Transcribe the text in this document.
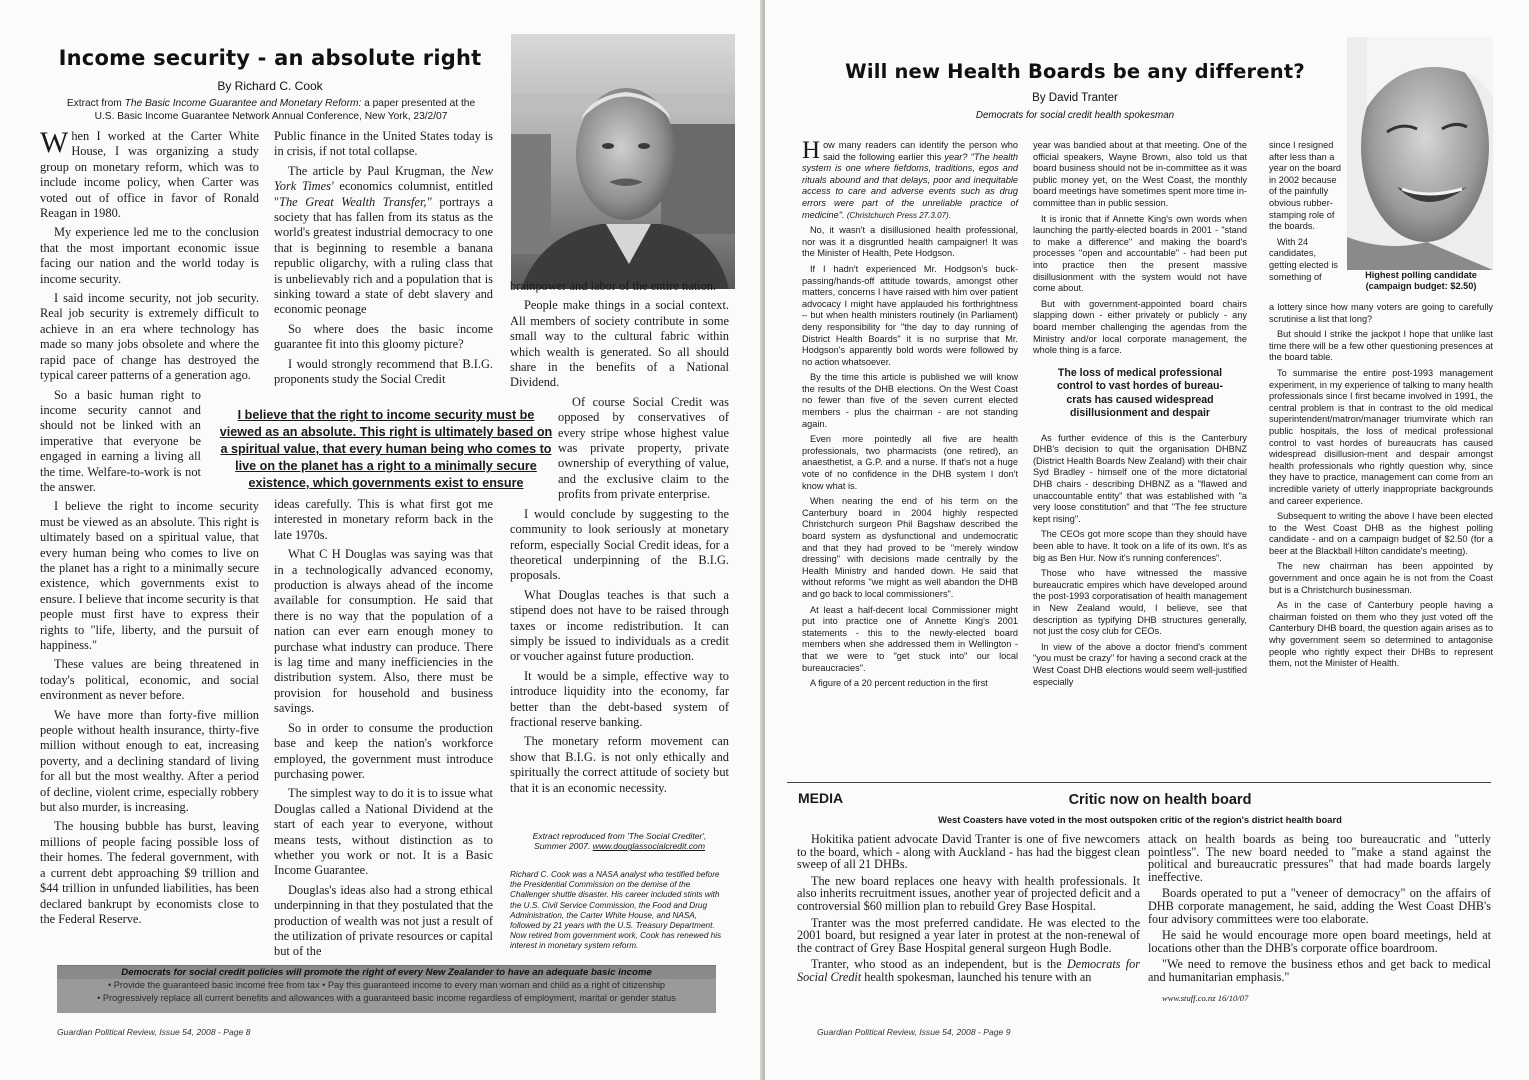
Income security - an absolute right
By Richard C. Cook
Extract from The Basic Income Guarantee and Monetary Reform: a paper presented at the U.S. Basic Income Guarantee Network Annual Conference, New York, 23/2/07

When I worked at the Carter White House, I was organizing a study group on monetary reform, which was to include income policy, when Carter was voted out of office in favor of Ronald Reagan in 1980.

My experience led me to the conclusion that the most important economic issue facing our nation and the world today is income security.

I said income security, not job security. Real job security is extremely difficult to achieve in an era where technology has made so many jobs obsolete and where the rapid pace of change has destroyed the typical career patterns of a generation ago.

So a basic human right to income security cannot and should not be linked with an imperative that everyone be engaged in earning a living all the time. Welfare-to-work is not the answer.

I believe the right to income security must be viewed as an absolute. This right is ultimately based on a spiritual value, that every human being who comes to live on the planet has a right to a minimally secure existence, which governments exist to ensure. I believe that income security is that people must first have to express their rights to "life, liberty, and the pursuit of happiness."

These values are being threatened in today's political, economic, and social environment as never before.

We have more than forty-five million people without health insurance, thirty-five million without enough to eat, increasing poverty, and a declining standard of living for all but the most wealthy. After a period of decline, violent crime, especially robbery but also murder, is increasing.

The housing bubble has burst, leaving millions of people facing possible loss of their homes. The federal government, with a current debt approaching $9 trillion and $44 trillion in unfunded liabilities, has been declared bankrupt by economists close to the Federal Reserve.

Public finance in the United States today is in crisis, if not total collapse.

The article by Paul Krugman, the New York Times' economics columnist, entitled "The Great Wealth Transfer," portrays a society that has fallen from its status as the world's greatest industrial democracy to one that is beginning to resemble a banana republic oligarchy, with a ruling class that is unbelievably rich and a population that is sinking toward a state of debt slavery and economic peonage

So where does the basic income guarantee fit into this gloomy picture?

I would strongly recommend that B.I.G. proponents study the Social Credit

I believe that the right to income security must be viewed as an absolute. This right is ultimately based on a spiritual value, that every human being who comes to live on the planet has a right to a minimally secure existence, which governments exist to ensure

ideas carefully. This is what first got me interested in monetary reform back in the late 1970s.

What C H Douglas was saying was that in a technologically advanced economy, production is always ahead of the income available for consumption. He said that there is no way that the population of a nation can ever earn enough money to purchase what industry can produce. There is lag time and many inefficiencies in the distribution system. Also, there must be provision for household and business savings.

So in order to consume the production base and keep the nation's workforce employed, the government must introduce purchasing power.

The simplest way to do it is to issue what Douglas called a National Dividend at the start of each year to everyone, without means tests, without distinction as to whether you work or not. It is a Basic Income Guarantee.

Douglas's ideas also had a strong ethical underpinning in that they postulated that the production of wealth was not just a result of the utilization of private resources or capital but of the

brainpower and labor of the entire nation.

People make things in a social context. All members of society contribute in some small way to the cultural fabric within which wealth is generated. So all should share in the benefits of a National Dividend.

Of course Social Credit was opposed by conservatives of every stripe whose highest value was private property, private ownership of everything of value, and the exclusive claim to the profits from private enterprise.

I would conclude by suggesting to the community to look seriously at monetary reform, especially Social Credit ideas, for a theoretical underpinning of the B.I.G. proposals.

What Douglas teaches is that such a stipend does not have to be raised through taxes or income redistribution. It can simply be issued to individuals as a credit or voucher against future production.

It would be a simple, effective way to introduce liquidity into the economy, far better than the debt-based system of fractional reserve banking.

The monetary reform movement can show that B.I.G. is not only ethically and spiritually the correct attitude of society but that it is an economic necessity.

Extract reproduced from 'The Social Crediter',
Summer 2007. www.douglassocialcredit.com
Richard C. Cook was a NASA analyst who testified before the Presidential Commission on the demise of the Challenger shuttle disaster. His career included stints with the U.S. Civil Service Commission, the Food and Drug Administration, the Carter White House, and NASA, followed by 21 years with the U.S. Treasury Department. Now retired from government work, Cook has renewed his interest in monetary system reform.
Democrats for social credit policies will promote the right of every New Zealander to have an adequate basic income
• Provide the guaranteed basic income free from tax • Pay this guaranteed income to every man woman and child as a right of citizenship
• Progressively replace all current benefits and allowances with a guaranteed basic income regardless of employment, marital or gender status
Guardian Political Review, Issue 54, 2008 - Page 8
Will new Health Boards be any different?
By David Tranter
Democrats for social credit health spokesman

How many readers can identify the person who said the following earlier this year? "The health system is one where fiefdoms, traditions, egos and rituals abound and that delays, poor and inequitable access to care and adverse events such as drug errors were part of the unreliable practice of medicine". (Christchurch Press 27.3.07).

No, it wasn't a disillusioned health professional, nor was it a disgruntled health campaigner! It was the Minister of Health, Pete Hodgson.

If I hadn't experienced Mr. Hodgson's buck-passing/hands-off attitude towards, amongst other matters, concerns I have raised with him over patient advocacy I might have applauded his forthrightness – but when health ministers routinely (in Parliament) deny responsibility for "the day to day running of District Health Boards" it is no surprise that Mr. Hodgson's apparently bold words were followed by no action whatsoever.

By the time this article is published we will know the results of the DHB elections. On the West Coast no fewer than five of the seven current elected members - plus the chairman - are not standing again.

Even more pointedly all five are health professionals, two pharmacists (one retired), an anaesthetist, a G.P. and a nurse. If that's not a huge vote of no confidence in the DHB system I don't know what is.

When nearing the end of his term on the Canterbury board in 2004 highly respected Christchurch surgeon Phil Bagshaw described the board system as dysfunctional and undemocratic and that they had proved to be "merely window dressing" with decisions made centrally by the Health Ministry and handed down. He said that without reforms "we might as well abandon the DHB and go back to local commissioners".

At least a half-decent local Commissioner might put into practice one of Annette King's 2001 statements - this to the newly-elected board members when she addressed them in Wellington - that we were to "get stuck into" our local bureaucracies".

A figure of a 20 percent reduction in the first

year was bandied about at that meeting. One of the official speakers, Wayne Brown, also told us that board business should not be in-committee as it was public money yet, on the West Coast, the monthly board meetings have sometimes spent more time in-committee than in public session.

It is ironic that if Annette King's own words when launching the partly-elected boards in 2001 - "stand to make a difference" and making the board's processes "open and accountable" - had been put into practice then the present massive disillusionment with the system would not have come about.

But with government-appointed board chairs slapping down - either privately or publicly - any board member challenging the agendas from the Ministry and/or local corporate management, the whole thing is a farce.

The loss of medical professional control to vast hordes of bureau-crats has caused widespread disillusionment and despair

As further evidence of this is the Canterbury DHB's decision to quit the organisation DHBNZ (District Health Boards New Zealand) with their chair Syd Bradley - himself one of the more dictatorial DHB chairs - describing DHBNZ as a "flawed and unaccountable entity" that was established with "a very loose constitution" and that "The fee structure kept rising".

The CEOs got more scope than they should have been able to have. It took on a life of its own. It's as big as Ben Hur. Now it's running conferences".

Those who have witnessed the massive bureaucratic empires which have developed around the post-1993 corporatisation of health management in New Zealand would, I believe, see that description as typifying DHB structures generally, not just the cosy club for CEOs.

In view of the above a doctor friend's comment "you must be crazy" for having a second crack at the West Coast DHB elections would seem well-justified especially

since I resigned after less than a year on the board in 2002 because of the painfully obvious rubber-stamping role of the boards.

With 24 candidates, getting elected is something of	Highest polling candidate (campaign budget: $2.50)

a lottery since how many voters are going to carefully scrutinise a list that long?

But should I strike the jackpot I hope that unlike last time there will be a few other questioning presences at the board table.

To summarise the entire post-1993 management experiment, in my experience of talking to many health professionals since I first became involved in 1991, the central problem is that in contrast to the old medical superintendent/matron/manager triumvirate which ran public hospitals, the loss of medical professional control to vast hordes of bureaucrats has caused widespread disillusion-ment and despair amongst health professionals who rightly question why, since they have to practice, management can come from an incredible variety of utterly inappropriate backgrounds and career experience.

Subsequent to writing the above I have been elected to the West Coast DHB as the highest polling candidate - and on a campaign budget of $2.50 (for a beer at the Blackball Hilton candidate's meeting).

The new chairman has been appointed by government and once again he is not from the Coast but is a Christchurch businessman.

As in the case of Canterbury people having a chairman foisted on them who they just voted off the Canterbury DHB board, the question again arises as to why government seem so determined to antagonise people who rightly expect their DHBs to represent them, not the Minister of Health.

MEDIA	Critic now on health board
West Coasters have voted in the most outspoken critic of the region's district health board

Hokitika patient advocate David Tranter is one of five newcomers to the board, which - along with Auckland - has had the biggest clean sweep of all 21 DHBs.

The new board replaces one heavy with health professionals. It also inherits recruitment issues, another year of projected deficit and a controversial $60 million plan to rebuild Grey Base Hospital.

Tranter was the most preferred candidate. He was elected to the 2001 board, but resigned a year later in protest at the non-renewal of the contract of Grey Base Hospital general surgeon Hugh Bodle.

Tranter, who stood as an independent, but is the Democrats for Social Credit health spokesman, launched his tenure with an

attack on health boards as being too bureaucratic and "utterly pointless". The new board needed to "make a stand against the political and bureaucratic pressures" that had made boards largely ineffective.

Boards operated to put a "veneer of democracy" on the affairs of DHB corporate management, he said, adding the West Coast DHB's four advisory committees were too elaborate.

He said he would encourage more open board meetings, held at locations other than the DHB's corporate office boardroom.

"We need to remove the business ethos and get back to medical and humanitarian emphasis."

www.stuff.co.nz 16/10/07
Guardian Political Review, Issue 54, 2008 - Page 9
